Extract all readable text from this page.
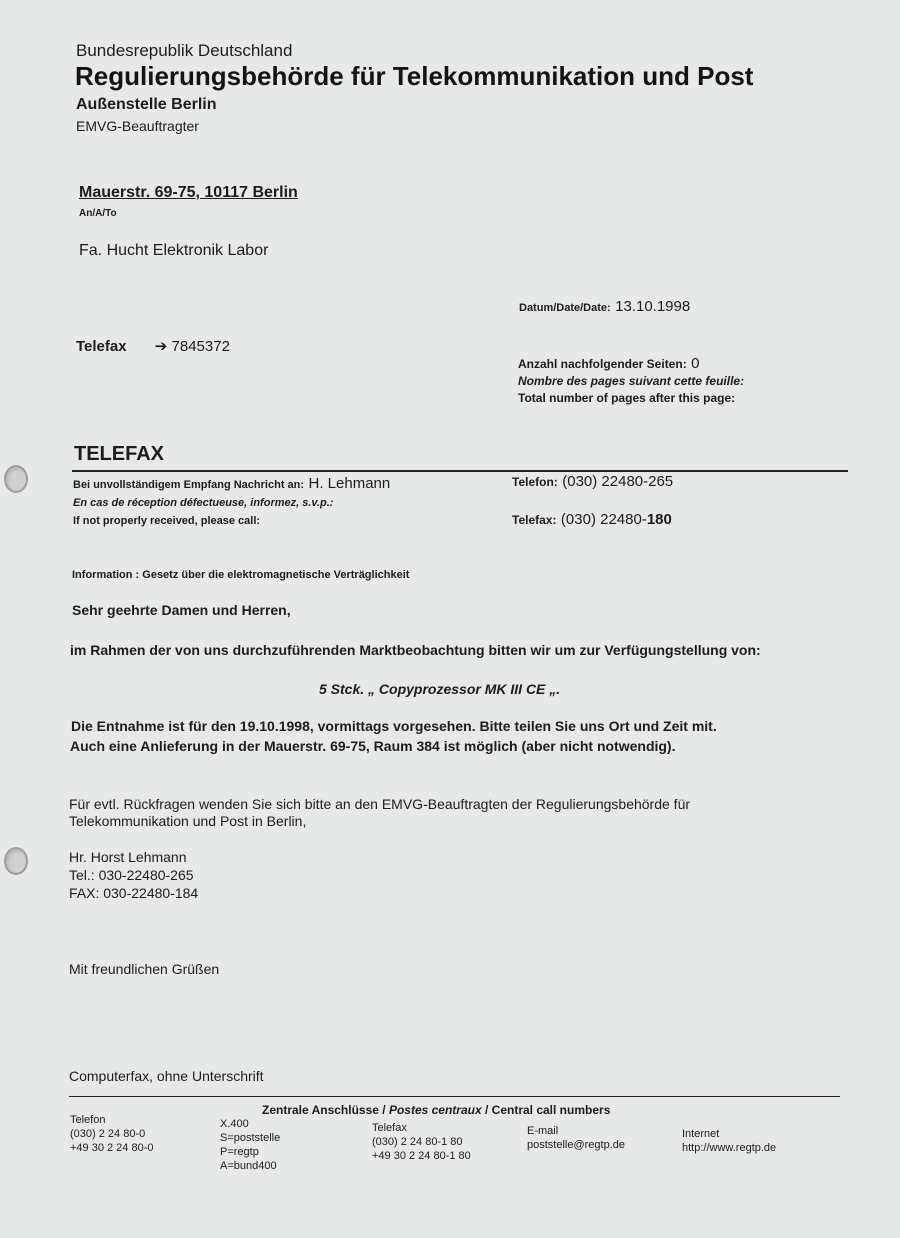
Bundesrepublik Deutschland
Regulierungsbehörde für Telekommunikation und Post
Außenstelle Berlin
EMVG-Beauftragter
Mauerstr. 69-75, 10117 Berlin
An/A/To
Fa. Hucht Elektronik Labor
Datum/Date/Date: 13.10.1998
Telefax ➔ 7845372
Anzahl nachfolgender Seiten: 0
Nombre des pages suivant cette feuille:
Total number of pages after this page:
TELEFAX
Bei unvollständigem Empfang Nachricht an: H. Lehmann
En cas de réception défectueuse, informez, s.v.p.:
If not properly received, please call:
Telefon: (030) 22480-265
Telefax: (030) 22480-180
Information : Gesetz über die elektromagnetische Verträglichkeit
Sehr geehrte Damen und Herren,
im Rahmen der von uns durchzuführenden Marktbeobachtung bitten wir um zur Verfügungstellung von:
5 Stck. „ Copyprozessor MK III CE „.
Die Entnahme ist für den 19.10.1998, vormittags vorgesehen. Bitte teilen Sie uns Ort und Zeit mit.
Auch eine Anlieferung in der Mauerstr. 69-75, Raum 384 ist möglich (aber nicht notwendig).
Für evtl. Rückfragen wenden Sie sich bitte an den EMVG-Beauftragten der Regulierungsbehörde für
Telekommunikation und Post in Berlin,
Hr. Horst Lehmann
Tel.: 030-22480-265
FAX: 030-22480-184
Mit freundlichen Grüßen
Computerfax, ohne Unterschrift
Zentrale Anschlüsse / Postes centraux / Central call numbers
Telefon
(030) 2 24 80-0
+49 30 2 24 80-0
X.400
S=poststelle
P=regtp
A=bund400
Telefax
(030) 2 24 80-1 80
+49 30 2 24 80-1 80
E-mail
poststelle@regtp.de
Internet
http://www.regtp.de
